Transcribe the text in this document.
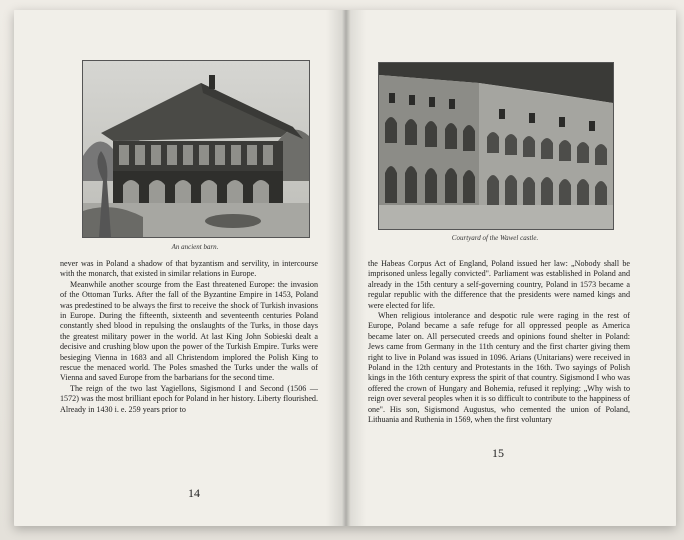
An ancient barn.

never was in Poland a shadow of that byzantism and servility, in intercourse with the monarch, that existed in similar relations in Europe.

Meanwhile another scourge from the East threatened Europe: the invasion of the Ottoman Turks. After the fall of the Byzantine Empire in 1453, Poland was predestined to be always the first to receive the shock of Turkish invasions in Europe. During the fifteenth, sixteenth and seventeenth centuries Poland constantly shed blood in repulsing the onslaughts of the Turks, in those days the greatest military power in the world. At last King John Sobieski dealt a decisive and crushing blow upon the power of the Turkish Empire. Turks were besieging Vienna in 1683 and all Christendom implored the Polish King to rescue the menaced world. The Poles smashed the Turks under the walls of Vienna and saved Europe from the barbarians for the second time.

The reign of the two last Yagiellons, Sigismond I and Second (1506 — 1572) was the most brilliant epoch for Poland in her history. Liberty flourished. Already in 1430 i. e. 259 years prior to

14
Courtyard of the Wawel castle.

the Habeas Corpus Act of England, Poland issued her law: „Nobody shall be imprisoned unless legally convicted". Parliament was established in Poland and already in the 15th century a self-governing country, Poland in 1573 became a regular republic with the difference that the presidents were named kings and were elected for life.

When religious intolerance and despotic rule were raging in the rest of Europe, Poland became a safe refuge for all oppressed people as America became later on. All persecuted creeds and opinions found shelter in Poland: Jews came from Germany in the 11th century and the first charter giving them right to live in Poland was issued in 1096. Arians (Unitarians) were received in Poland in the 12th century and Protestants in the 16th. Two sayings of Polish kings in the 16th century express the spirit of that country. Sigismond I who was offered the crown of Hungary and Bohemia, refused it replying: „Why wish to reign over several peoples when it is so difficult to contribute to the happiness of one". His son, Sigismond Augustus, who cemented the union of Poland, Lithuania and Ruthenia in 1569, when the first voluntary

15
